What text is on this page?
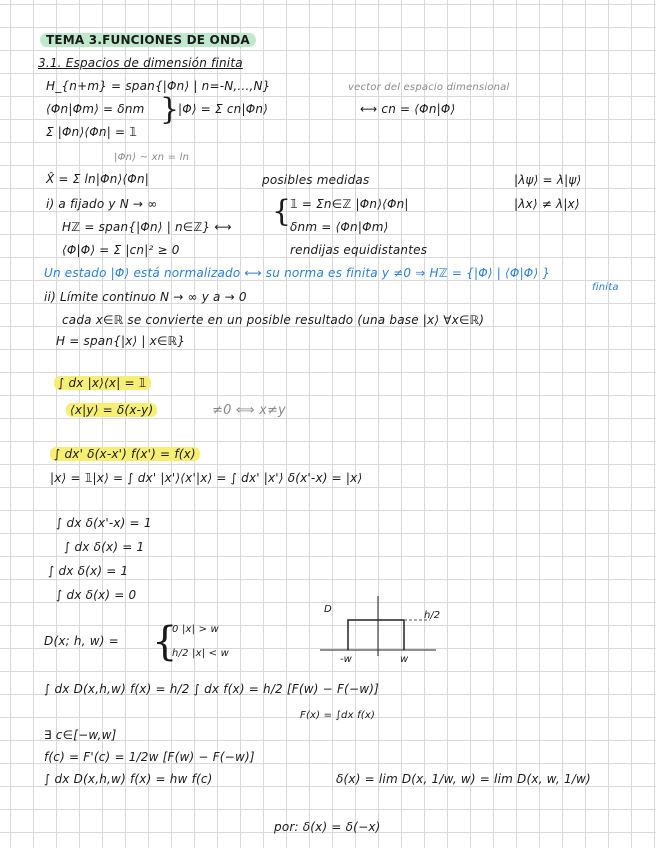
TEMA 3.FUNCIONES DE ONDA
3.1. Espacios de dimensión finita
H_{n+m} = span{|Φn⟩ | n=-N,...,N}	vector del espacio dimensional
⟨Φn|Φm⟩ = δnm }
|Φ⟩ = Σ cn|Φn⟩	⟷ cn = ⟨Φn|Φ⟩
Σ |Φn⟩⟨Φn| = 𝟙
|Φn⟩ ~ xn = ln
X̂ = Σ ln|Φn⟩⟨Φn|	posibles medidas	|λψ⟩ = λ|ψ⟩
i) a fijado y N → ∞	{
𝟙 = Σn∈ℤ |Φn⟩⟨Φn|	|λx⟩ ≠ λ|x⟩
Hℤ = span{|Φn⟩ | n∈ℤ} ⟷	δnm = ⟨Φn|Φm⟩
⟨Φ|Φ⟩ = Σ |cn|² ≥ 0	rendijas equidistantes
Un estado |Φ⟩ está normalizado ⟷ su norma es finita y ≠0 ⇒ Hℤ = {|Φ⟩ | ⟨Φ|Φ⟩ }
finita
ii) Límite continuo N → ∞ y a → 0
cada x∈ℝ se convierte en un posible resultado (una base |x⟩ ∀x∈ℝ)
H = span{|x⟩ | x∈ℝ}
∫ dx |x⟩⟨x| = 𝟙
⟨x|y⟩ = δ(x-y)	≠0 ⟺ x≠y
∫ dx' δ(x-x') f(x') = f(x)
|x⟩ = 𝟙|x⟩ = ∫ dx' |x'⟩⟨x'|x⟩ = ∫ dx' |x'⟩ δ(x'-x) = |x⟩
∫ dx δ(x'-x) = 1
∫ dx δ(x) = 1
∫ dx δ(x) = 1
∫ dx δ(x) = 0
D(x; h, w) = {
0 |x| > w
h/2 |x| < w
D
h/2
-w	w
∫ dx D(x,h,w) f(x) = h/2 ∫ dx f(x) = h/2 [F(w) − F(−w)]
F(x) = ∫dx f(x)
∃ c∈[−w,w]
f(c) = F'(c) = 1/2w [F(w) − F(−w)]
∫ dx D(x,h,w) f(x) = hw f(c)	δ(x) = lim D(x, 1/w, w) = lim D(x, w, 1/w)
por: δ(x) = δ(−x)
